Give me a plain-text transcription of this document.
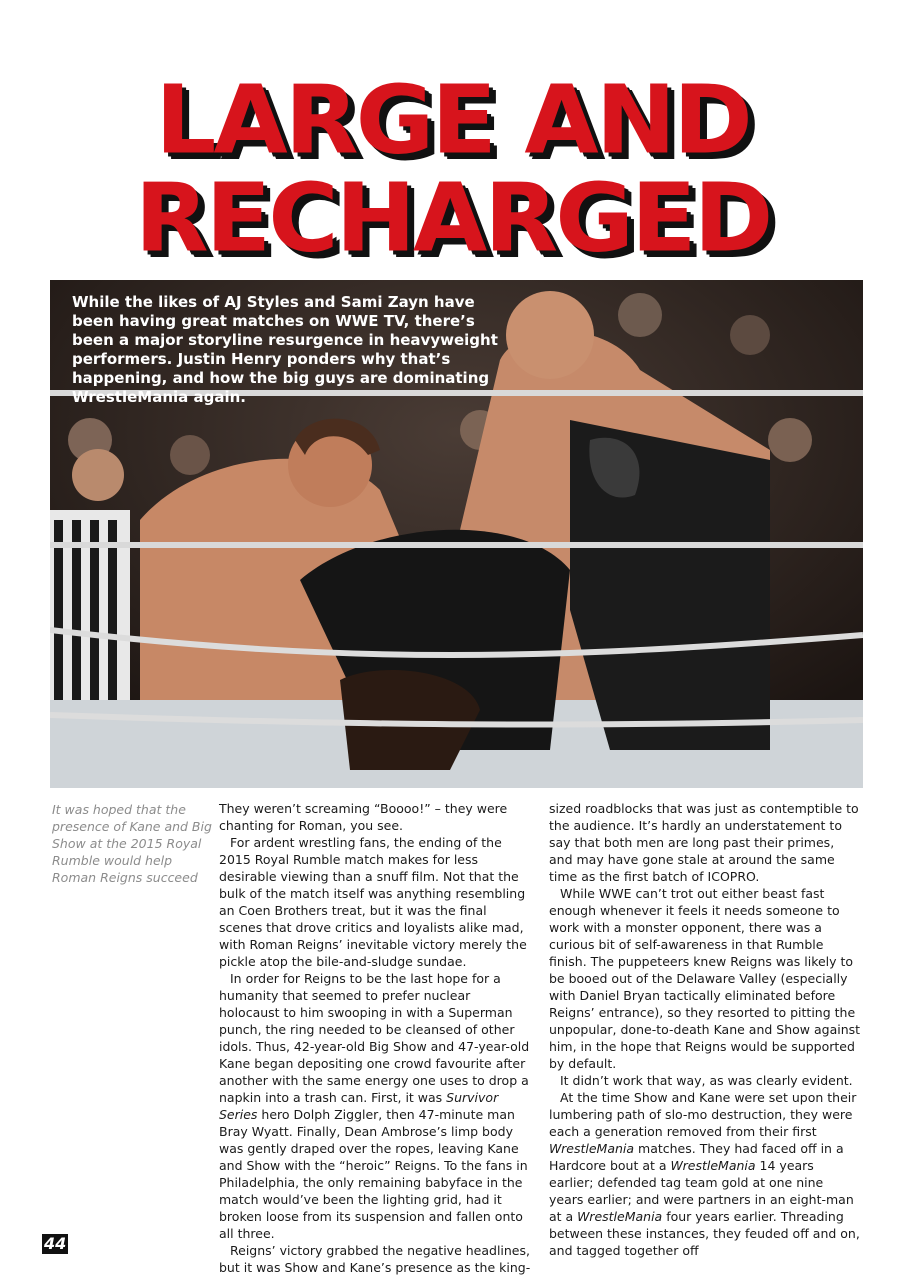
LARGE AND
RECHARGED

While the likes of AJ Styles and Sami Zayn have been having great matches on WWE TV, there’s been a major storyline resurgence in heavyweight performers. Justin Henry ponders why that’s happening, and how the big guys are dominating WrestleMania again.

It was hoped that the presence of Kane and Big Show at the 2015 Royal Rumble would help Roman Reigns succeed

They weren’t screaming “Boooo!” – they were chanting for Roman, you see.

For ardent wrestling fans, the ending of the 2015 Royal Rumble match makes for less desirable viewing than a snuff film. Not that the bulk of the match itself was anything resembling an Coen Brothers treat, but it was the final scenes that drove critics and loyalists alike mad, with Roman Reigns’ inevitable victory merely the pickle atop the bile-and-sludge sundae.

In order for Reigns to be the last hope for a humanity that seemed to prefer nuclear holocaust to him swooping in with a Superman punch, the ring needed to be cleansed of other idols. Thus, 42-year-old Big Show and 47-year-old Kane began depositing one crowd favourite after another with the same energy one uses to drop a napkin into a trash can. First, it was Survivor Series hero Dolph Ziggler, then 47-minute man Bray Wyatt. Finally, Dean Ambrose’s limp body was gently draped over the ropes, leaving Kane and Show with the “heroic” Reigns. To the fans in Philadelphia, the only remaining babyface in the match would’ve been the lighting grid, had it broken loose from its suspension and fallen onto all three.

Reigns’ victory grabbed the negative headlines, but it was Show and Kane’s presence as the king-

sized roadblocks that was just as contemptible to the audience. It’s hardly an understatement to say that both men are long past their primes, and may have gone stale at around the same time as the first batch of ICOPRO.

While WWE can’t trot out either beast fast enough whenever it feels it needs someone to work with a monster opponent, there was a curious bit of self-awareness in that Rumble finish. The puppeteers knew Reigns was likely to be booed out of the Delaware Valley (especially with Daniel Bryan tactically eliminated before Reigns’ entrance), so they resorted to pitting the unpopular, done-to-death Kane and Show against him, in the hope that Reigns would be supported by default.

It didn’t work that way, as was clearly evident.

At the time Show and Kane were set upon their lumbering path of slo-mo destruction, they were each a generation removed from their first WrestleMania matches. They had faced off in a Hardcore bout at a WrestleMania 14 years earlier; defended tag team gold at one nine years earlier; and were partners in an eight-man at a WrestleMania four years earlier. Threading between these instances, they feuded off and on, and tagged together off

44
